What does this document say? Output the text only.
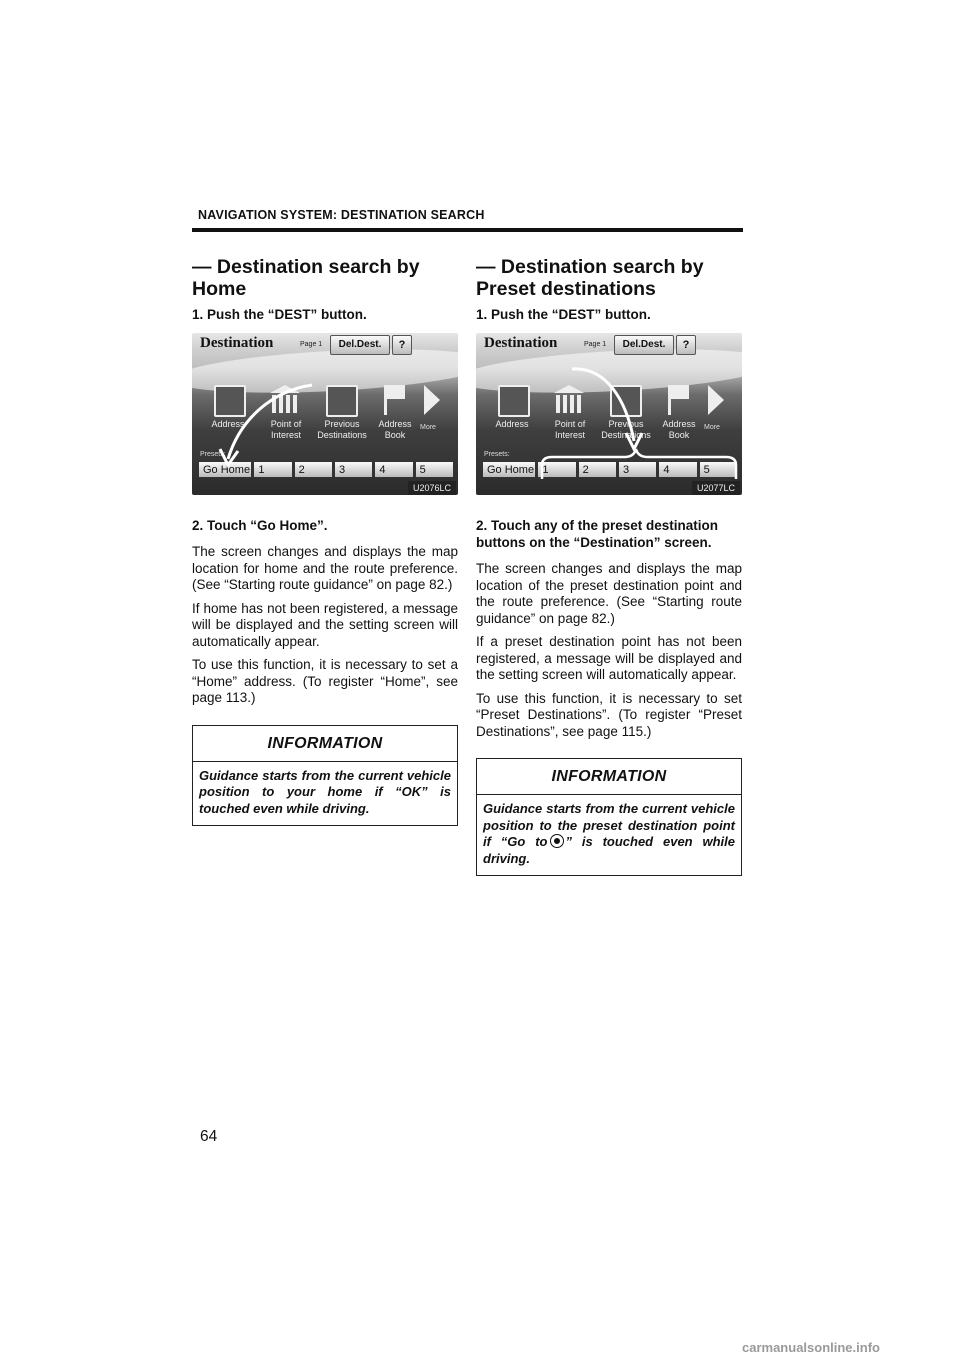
NAVIGATION SYSTEM: DESTINATION SEARCH
— Destination search by Home

1. Push the “DEST” button.

Destination	Page 1	Del.Dest.	?
Address	Point of
Interest
Previous
Destinations
Address
Book
More
Presets:
Go Home 1	2	3	4	5
U2076LC

2. Touch “Go Home”.

The screen changes and displays the map location for home and the route preference. (See “Starting route guidance” on page 82.)

If home has not been registered, a message will be displayed and the setting screen will automatically appear.

To use this function, it is necessary to set a “Home” address. (To register “Home”, see page 113.)

INFORMATION
Guidance starts from the current vehicle position to your home if “OK” is touched even while driving.
— Destination search by Preset destinations

1. Push the “DEST” button.

Destination	Page 1	Del.Dest.	?
Address	Point of
Interest
Previous
Destinations
Address
Book
More
Presets:
Go Home 1	2	3	4	5
U2077LC

2. Touch any of the preset destination buttons on the “Destination” screen.

The screen changes and displays the map location of the preset destination point and the route preference. (See “Starting route guidance” on page 82.)

If a preset destination point has not been registered, a message will be displayed and the setting screen will automatically appear.

To use this function, it is necessary to set “Preset Destinations”. (To register “Preset Destinations”, see page 115.)

INFORMATION
Guidance starts from the current vehicle position to the preset destination point if “Go to ” is touched even while driving.
64
carmanualsonline.info
